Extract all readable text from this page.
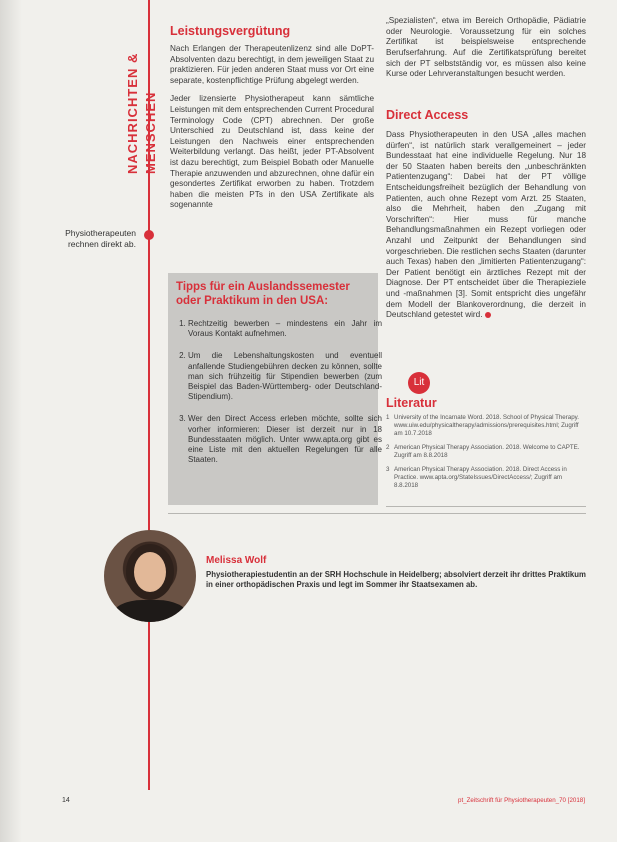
NACHRICHTEN & MENSCHEN
Physiotherapeuten rechnen direkt ab.
Leistungsvergütung

Nach Erlangen der Therapeutenlizenz sind alle DoPT-Absolventen dazu berechtigt, in dem jeweiligen Staat zu praktizieren. Für jeden anderen Staat muss vor Ort eine separate, kostenpflichtige Prüfung abgelegt werden.

Jeder lizensierte Physiotherapeut kann sämtliche Leistungen mit dem entsprechenden Current Procedural Terminology Code (CPT) abrechnen. Der große Unterschied zu Deutschland ist, dass keine der Leistungen den Nachweis einer entsprechenden Weiterbildung verlangt. Das heißt, jeder PT-Absolvent ist dazu berechtigt, zum Beispiel Bobath oder Manuelle Therapie anzuwenden und abzurechnen, ohne dafür ein gesondertes Zertifikat erworben zu haben. Trotzdem haben die meisten PTs in den USA Zertifikate als sogenannte

„Spezialisten“, etwa im Bereich Orthopädie, Pädiatrie oder Neurologie. Voraussetzung für ein solches Zertifikat ist beispielsweise entsprechende Berufserfahrung. Auf die Zertifikatsprüfung bereitet sich der PT selbstständig vor, es müssen also keine Kurse oder Lehrveranstaltungen besucht werden.

Direct Access

Dass Physiotherapeuten in den USA „alles machen dürfen“, ist natürlich stark verallgemeinert – jeder Bundesstaat hat eine individuelle Regelung. Nur 18 der 50 Staaten haben bereits den „unbeschränkten Patientenzugang“: Dabei hat der PT völlige Entscheidungsfreiheit bezüglich der Behandlung von Patienten, auch ohne Rezept vom Arzt. 25 Staaten, also die Mehrheit, haben den „Zugang mit Vorschriften“: Hier muss für manche Behandlungsmaßnahmen ein Rezept vorliegen oder Anzahl und Zeitpunkt der Behandlungen sind vorgeschrieben. Die restlichen sechs Staaten (darunter auch Texas) haben den „limitierten Patientenzugang“: Der Patient benötigt ein ärztliches Rezept mit der Diagnose. Der PT entscheidet über die Therapieziele und -maßnahmen [3]. Somit entspricht dies ungefähr dem Modell der Blankoverordnung, die derzeit in Deutschland getestet wird.

Tipps für ein Auslandssemester oder Praktikum in den USA:
1. Rechtzeitig bewerben – mindestens ein Jahr im Voraus Kontakt aufnehmen.
2. Um die Lebenshaltungskosten und eventuell anfallende Studiengebühren decken zu können, sollte man sich frühzeitig für Stipendien bewerben (zum Beispiel das Baden-Württemberg- oder Deutschland-Stipendium).
3. Wer den Direct Access erleben möchte, sollte sich vorher informieren: Dieser ist derzeit nur in 18 Bundesstaaten möglich. Unter www.apta.org gibt es eine Liste mit den aktuellen Regelungen für alle Staaten.
Lit
Literatur
1 University of the Incarnate Word. 2018. School of Physical Therapy. www.uiw.edu/physicaltherapy/admissions/prerequisites.html; Zugriff am 10.7.2018
2 American Physical Therapy Association. 2018. Welcome to CAPTE. Zugriff am 8.8.2018
3 American Physical Therapy Association. 2018. Direct Access in Practice. www.apta.org/StateIssues/DirectAccess/; Zugriff am 8.8.2018
Melissa Wolf
Physiotherapiestudentin an der SRH Hochschule in Heidelberg; absolviert derzeit ihr drittes Praktikum in einer orthopädischen Praxis und legt im Sommer ihr Staatsexamen ab.
14	pt_Zeitschrift für Physiotherapeuten_70 [2018]
